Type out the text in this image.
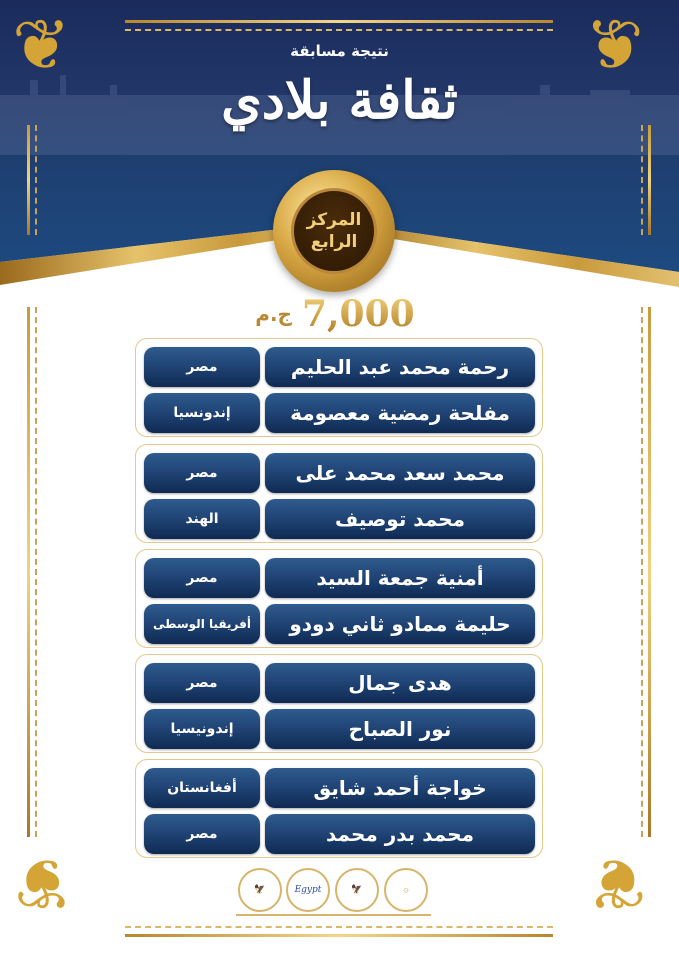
❦	❦
نتيجة مسابقة
ثقافة بلادي
المركز
الرابع
ج.م 7,000
مصر	رحمة محمد عبد الحليم
إندونسيا	مفلحة رمضية معصومة
مصر	محمد سعد محمد على
الهند	محمد توصيف
مصر	أمنية جمعة السيد
أفريقيا الوسطى	حليمة ممادو ثاني دودو
مصر	هدى جمال
إندونيسيا	نور الصباح
أفغانستان	خواجة أحمد شايق
مصر	محمد بدر محمد
🦅	Egypt	🦅	۞
❦	❦
